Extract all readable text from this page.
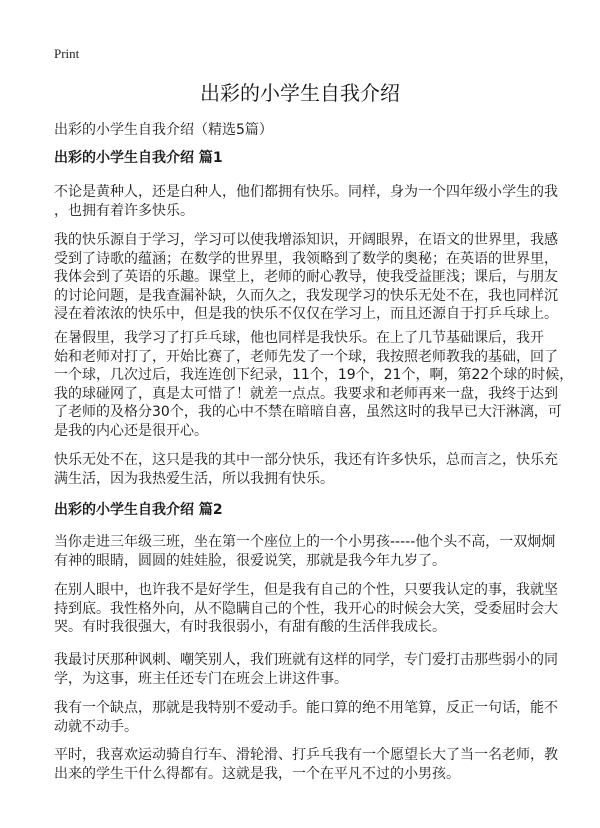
Print
出彩的小学生自我介绍
出彩的小学生自我介绍（精选5篇）
出彩的小学生自我介绍 篇1
不论是黄种人，还是白种人，他们都拥有快乐。同样，身为一个四年级小学生的我
，也拥有着许多快乐。
我的快乐源自于学习，学习可以使我增添知识，开阔眼界，在语文的世界里，我感
受到了诗歌的蕴涵；在数学的世界里，我领略到了数学的奥秘；在英语的世界里，
我体会到了英语的乐趣。课堂上，老师的耐心教导，使我受益匪浅；课后，与朋友
的讨论问题，是我查漏补缺，久而久之，我发现学习的快乐无处不在，我也同样沉
浸在着浓浓的快乐中，但是我的快乐不仅仅在学习上，而且还源自于打乒乓球上。
在暑假里，我学习了打乒乓球，他也同样是我快乐。在上了几节基础课后，我开
始和老师对打了，开始比赛了，老师先发了一个球，我按照老师教我的基础，回了
一个球，几次过后，我连连创下纪录，11个，19个，21个，啊，第22个球的时候，
我的球碰网了，真是太可惜了！就差一点点。我要求和老师再来一盘，我终于达到
了老师的及格分30个，我的心中不禁在暗暗自喜，虽然这时的我早已大汗淋漓，可
是我的内心还是很开心。
快乐无处不在，这只是我的其中一部分快乐，我还有许多快乐，总而言之，快乐充
满生活，因为我热爱生活，所以我拥有快乐。
出彩的小学生自我介绍 篇2
当你走进三年级三班，坐在第一个座位上的一个小男孩-----他个头不高，一双炯炯
有神的眼睛，圆圆的娃娃脸，很爱说笑，那就是我今年九岁了。
在别人眼中，也许我不是好学生，但是我有自己的个性，只要我认定的事，我就坚
持到底。我性格外向，从不隐瞒自己的个性，我开心的时候会大笑，受委屈时会大
哭。有时我很强大，有时我很弱小，有甜有酸的生活伴我成长。
我最讨厌那种讽刺、嘲笑别人，我们班就有这样的同学，专门爱打击那些弱小的同
学，为这事，班主任还专门在班会上讲这件事。
我有一个缺点，那就是我特别不爱动手。能口算的绝不用笔算，反正一句话，能不
动就不动手。
平时，我喜欢运动骑自行车、滑轮滑、打乒乓我有一个愿望长大了当一名老师，教
出来的学生干什么得都有。这就是我，一个在平凡不过的小男孩。
